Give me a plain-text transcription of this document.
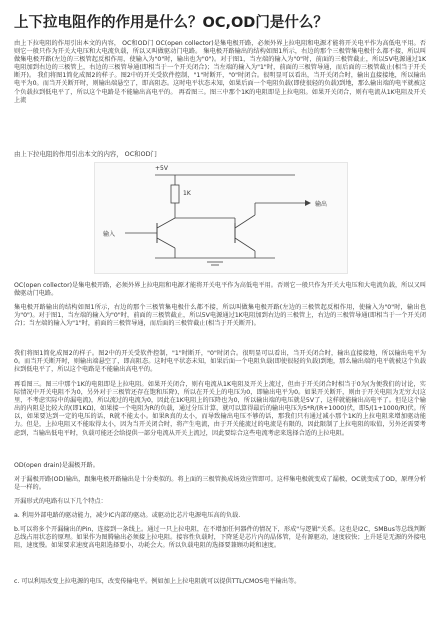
上下拉电阻作的作用是什么？OC,OD门是什么？

由上下拉电阻的作用引出本文的内容， OC和OD门 OC(open collector)是集电极开路，必须外界上拉电阻和电源才能将开关电平作为高低电平用。否则它一般只作为开关大电压和大电流负载，所以又叫做驱动门电路。 集电极开路输出的结构如图1所示，右边的那个三极管集电极什么都不接，所以叫做集电极开路(左边的三极管起反相作用，使输入为"0"时，输出也为"0")。对于图1，当左端的输入为"0"时，前面的三极管截止，所以5V电源通过1K电阻加到右边的三极管上，右边的三极管导通(即相当于一个开关闭合)；当左端的输入为"1"时，前面的三极管导通，而后面的三极管截止(相当于开关断开)。 我们将图1简化成图2的样子。图2中的开关受软件控制，"1"时断开，"0"时闭合。很明显可以看出，当开关闭合时，输出直接接地，所以输出电平为0。而当开关断开时，则输出端悬空了，即高阻态。这时电平状态未知，如果后面一个电阻负载(即使很轻的负载)到地，那么输出端的电平就被这个负载拉到低电平了，所以这个电路是不能输出高电平的。 再看图三。图三中那个1K的电阻即是上拉电阻。如果开关闭合，则有电流从1K电阻及开关上流

由上下拉电阻的作用引出本文的内容， OC和OD门
+5V
1K
输出
输入

OC(open collector)是集电极开路，必须外界上拉电阻和电源才能将开关电平作为高低电平用。否则它一般只作为开关大电压和大电流负载，所以又叫做驱动门电路。

集电极开路输出的结构如图1所示，右边的那个三极管集电极什么都不接，所以叫做集电极开路(左边的三极管起反相作用，使输入为"0"时，输出也为"0")。对于图1，当左端的输入为"0"时，前面的三极管截止，所以5V电源通过1K电阻加到右边的三极管上，右边的三极管导通(即相当于一个开关闭合)；当左端的输入为"1"时，前面的三极管导通，而后面的三极管截止(相当于开关断开)。

我们将图1简化成图2的样子。图2中的开关受软件控制，"1"时断开，"0"时闭合。很明显可以看出，当开关闭合时，输出直接接地，所以输出电平为0。而当开关断开时，则输出端悬空了，即高阻态。这时电平状态未知，如果后面一个电阻负载(即使很轻的负载)到地，那么输出端的电平就被这个负载拉到低电平了，所以这个电路是不能输出高电平的。

再看图三。图三中那个1K的电阻即是上拉电阻。如果开关闭合，则有电流从1K电阻及开关上流过，但由于开关闭合时相当于0为(为便我们的讨论，实际情况中开关电阻不为0，另外对于三极管还存在饱和压降)，所以在开关上的电压为0，即输出电平为0。如果开关断开，则由于开关电阻为无穷大(这里，不考虑实际中的漏电流)，所以流过的电流为0，因此在1K电阻上的压降也为0，所以输出端的电压就是5V了，这样就能输出高电平了。但是这个输出的内阻是比较大的(即1KΩ)，如果接一个电阻为R的负载，通过分压计算，就可以算得最后的输出电压为5*R/(R+1000)伏，即5/(1+1000/R)伏。所以，如果要达到一定的电压的话，R就不能太小。如果R真的太小，而导致输出电压不够的话，那我们只有通过减小那个1K的上拉电阻来增加驱动能力。但是，上拉电阻又不能取得太小，因为当开关闭合时，将产生电流，由于开关能流过的电流是有限的，因此限制了上拉电阻的取值，另外还需要考虑到，当输出低电平时，负载可能还会给提供一部分电流从开关上流过，因此要综合这些电流考虑来选择合适的上拉电阻。

OD(open drain)是漏极开路。

对于漏极开路(OD)输出，跟集电极开路输出是十分类似的。将上面的三极管换成场效应管即可。这样集电极就变成了漏极，OC就变成了OD，原理分析是一样的。

开漏形式的电路有以下几个特点：

a. 利用外部电路的驱动能力，减少IC内部的驱动。或驱动比芯片电源电压高的负载.

b.可以将多个开漏输出的Pin，连接到一条线上。通过一只上拉电阻，在不增加任何器件的情况下，形成"与逻辑"关系。这也是I2C，SMBus等总线判断总线占用状态的原理。如果作为图腾输出必须接上拉电阻。接容性负载时，下降延是芯片内的晶体管，是有源驱动，速度较快；上升延是无源的外接电阻，速度慢。如果要求速度高电阻选择要小，功耗会大。所以负载电阻的选择要兼顾功耗和速度。

c. 可以利用改变上拉电源的电压，改变传输电平。例如加上上拉电阻就可以提供TTL/CMOS电平输出等。
